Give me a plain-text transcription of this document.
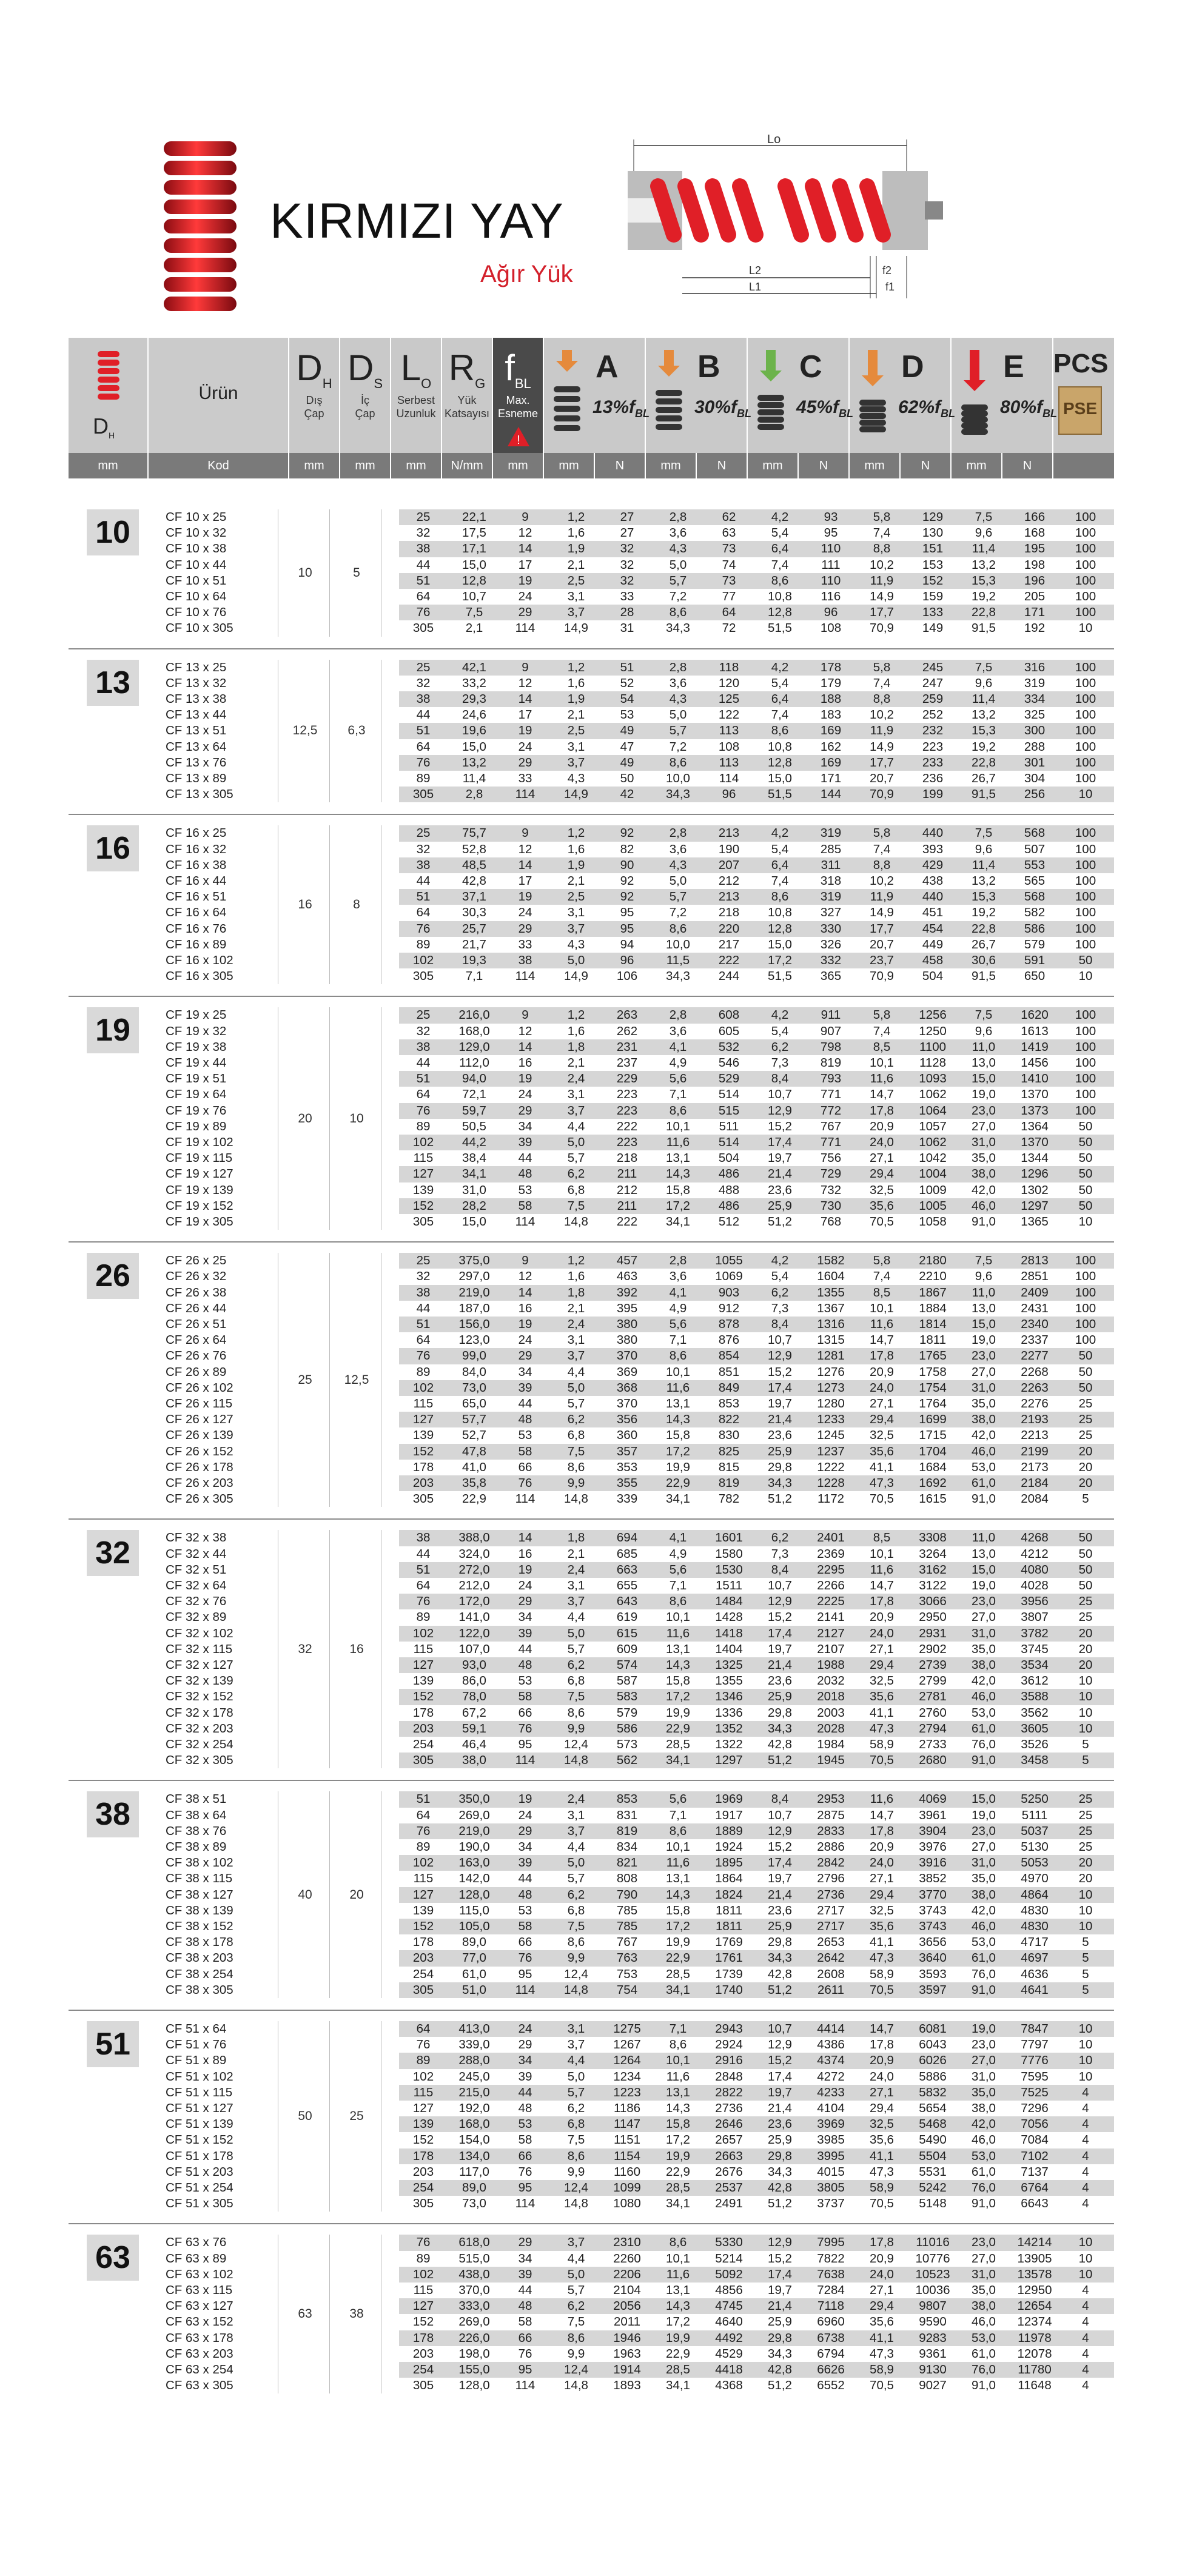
KIRMIZI YAY
Ağır Yük
Lo
L2
L1
f2
f1
$D_H$
Ürün
$D_H$
Dış
Çap
$D_S$
İç
Çap
$L_O$
Serbest
Uzunluk
$R_G$
Yük
Katsayısı
$f_{BL}$
Max.
Esneme
!
A
$13\%f_{BL}$
B
$30\%f_{BL}$
C
$45\%f_{BL}$
D
$62\%f_{BL}$
E
$80\%f_{BL}$
PCS
PSE
mm	Kod	mm	mm	mm	N/mm	mm	mm	N	mm	N	mm	N	mm	N	mm	N
10
10	5
CF 10 x 25	25	22,1	9	1,2	27	2,8	62	4,2	93	5,8	129	7,5	166	100
CF 10 x 32	32	17,5	12	1,6	27	3,6	63	5,4	95	7,4	130	9,6	168	100
CF 10 x 38	38	17,1	14	1,9	32	4,3	73	6,4	110	8,8	151	11,4	195	100
CF 10 x 44	44	15,0	17	2,1	32	5,0	74	7,4	111	10,2	153	13,2	198	100
CF 10 x 51	51	12,8	19	2,5	32	5,7	73	8,6	110	11,9	152	15,3	196	100
CF 10 x 64	64	10,7	24	3,1	33	7,2	77	10,8	116	14,9	159	19,2	205	100
CF 10 x 76	76	7,5	29	3,7	28	8,6	64	12,8	96	17,7	133	22,8	171	100
CF 10 x 305	305	2,1	114	14,9	31	34,3	72	51,5	108	70,9	149	91,5	192	10
13
12,5	6,3
CF 13 x 25	25	42,1	9	1,2	51	2,8	118	4,2	178	5,8	245	7,5	316	100
CF 13 x 32	32	33,2	12	1,6	52	3,6	120	5,4	179	7,4	247	9,6	319	100
CF 13 x 38	38	29,3	14	1,9	54	4,3	125	6,4	188	8,8	259	11,4	334	100
CF 13 x 44	44	24,6	17	2,1	53	5,0	122	7,4	183	10,2	252	13,2	325	100
CF 13 x 51	51	19,6	19	2,5	49	5,7	113	8,6	169	11,9	232	15,3	300	100
CF 13 x 64	64	15,0	24	3,1	47	7,2	108	10,8	162	14,9	223	19,2	288	100
CF 13 x 76	76	13,2	29	3,7	49	8,6	113	12,8	169	17,7	233	22,8	301	100
CF 13 x 89	89	11,4	33	4,3	50	10,0	114	15,0	171	20,7	236	26,7	304	100
CF 13 x 305	305	2,8	114	14,9	42	34,3	96	51,5	144	70,9	199	91,5	256	10
16
16	8
CF 16 x 25	25	75,7	9	1,2	92	2,8	213	4,2	319	5,8	440	7,5	568	100
CF 16 x 32	32	52,8	12	1,6	82	3,6	190	5,4	285	7,4	393	9,6	507	100
CF 16 x 38	38	48,5	14	1,9	90	4,3	207	6,4	311	8,8	429	11,4	553	100
CF 16 x 44	44	42,8	17	2,1	92	5,0	212	7,4	318	10,2	438	13,2	565	100
CF 16 x 51	51	37,1	19	2,5	92	5,7	213	8,6	319	11,9	440	15,3	568	100
CF 16 x 64	64	30,3	24	3,1	95	7,2	218	10,8	327	14,9	451	19,2	582	100
CF 16 x 76	76	25,7	29	3,7	95	8,6	220	12,8	330	17,7	454	22,8	586	100
CF 16 x 89	89	21,7	33	4,3	94	10,0	217	15,0	326	20,7	449	26,7	579	100
CF 16 x 102	102	19,3	38	5,0	96	11,5	222	17,2	332	23,7	458	30,6	591	50
CF 16 x 305	305	7,1	114	14,9	106	34,3	244	51,5	365	70,9	504	91,5	650	10
19
20	10
CF 19 x 25	25	216,0	9	1,2	263	2,8	608	4,2	911	5,8	1256	7,5	1620	100
CF 19 x 32	32	168,0	12	1,6	262	3,6	605	5,4	907	7,4	1250	9,6	1613	100
CF 19 x 38	38	129,0	14	1,8	231	4,1	532	6,2	798	8,5	1100	11,0	1419	100
CF 19 x 44	44	112,0	16	2,1	237	4,9	546	7,3	819	10,1	1128	13,0	1456	100
CF 19 x 51	51	94,0	19	2,4	229	5,6	529	8,4	793	11,6	1093	15,0	1410	100
CF 19 x 64	64	72,1	24	3,1	223	7,1	514	10,7	771	14,7	1062	19,0	1370	100
CF 19 x 76	76	59,7	29	3,7	223	8,6	515	12,9	772	17,8	1064	23,0	1373	100
CF 19 x 89	89	50,5	34	4,4	222	10,1	511	15,2	767	20,9	1057	27,0	1364	50
CF 19 x 102	102	44,2	39	5,0	223	11,6	514	17,4	771	24,0	1062	31,0	1370	50
CF 19 x 115	115	38,4	44	5,7	218	13,1	504	19,7	756	27,1	1042	35,0	1344	50
CF 19 x 127	127	34,1	48	6,2	211	14,3	486	21,4	729	29,4	1004	38,0	1296	50
CF 19 x 139	139	31,0	53	6,8	212	15,8	488	23,6	732	32,5	1009	42,0	1302	50
CF 19 x 152	152	28,2	58	7,5	211	17,2	486	25,9	730	35,6	1005	46,0	1297	50
CF 19 x 305	305	15,0	114	14,8	222	34,1	512	51,2	768	70,5	1058	91,0	1365	10
26
25	12,5
CF 26 x 25	25	375,0	9	1,2	457	2,8	1055	4,2	1582	5,8	2180	7,5	2813	100
CF 26 x 32	32	297,0	12	1,6	463	3,6	1069	5,4	1604	7,4	2210	9,6	2851	100
CF 26 x 38	38	219,0	14	1,8	392	4,1	903	6,2	1355	8,5	1867	11,0	2409	100
CF 26 x 44	44	187,0	16	2,1	395	4,9	912	7,3	1367	10,1	1884	13,0	2431	100
CF 26 x 51	51	156,0	19	2,4	380	5,6	878	8,4	1316	11,6	1814	15,0	2340	100
CF 26 x 64	64	123,0	24	3,1	380	7,1	876	10,7	1315	14,7	1811	19,0	2337	100
CF 26 x 76	76	99,0	29	3,7	370	8,6	854	12,9	1281	17,8	1765	23,0	2277	50
CF 26 x 89	89	84,0	34	4,4	369	10,1	851	15,2	1276	20,9	1758	27,0	2268	50
CF 26 x 102	102	73,0	39	5,0	368	11,6	849	17,4	1273	24,0	1754	31,0	2263	50
CF 26 x 115	115	65,0	44	5,7	370	13,1	853	19,7	1280	27,1	1764	35,0	2276	25
CF 26 x 127	127	57,7	48	6,2	356	14,3	822	21,4	1233	29,4	1699	38,0	2193	25
CF 26 x 139	139	52,7	53	6,8	360	15,8	830	23,6	1245	32,5	1715	42,0	2213	25
CF 26 x 152	152	47,8	58	7,5	357	17,2	825	25,9	1237	35,6	1704	46,0	2199	20
CF 26 x 178	178	41,0	66	8,6	353	19,9	815	29,8	1222	41,1	1684	53,0	2173	20
CF 26 x 203	203	35,8	76	9,9	355	22,9	819	34,3	1228	47,3	1692	61,0	2184	20
CF 26 x 305	305	22,9	114	14,8	339	34,1	782	51,2	1172	70,5	1615	91,0	2084	5
32
32	16
CF 32 x 38	38	388,0	14	1,8	694	4,1	1601	6,2	2401	8,5	3308	11,0	4268	50
CF 32 x 44	44	324,0	16	2,1	685	4,9	1580	7,3	2369	10,1	3264	13,0	4212	50
CF 32 x 51	51	272,0	19	2,4	663	5,6	1530	8,4	2295	11,6	3162	15,0	4080	50
CF 32 x 64	64	212,0	24	3,1	655	7,1	1511	10,7	2266	14,7	3122	19,0	4028	50
CF 32 x 76	76	172,0	29	3,7	643	8,6	1484	12,9	2225	17,8	3066	23,0	3956	25
CF 32 x 89	89	141,0	34	4,4	619	10,1	1428	15,2	2141	20,9	2950	27,0	3807	25
CF 32 x 102	102	122,0	39	5,0	615	11,6	1418	17,4	2127	24,0	2931	31,0	3782	20
CF 32 x 115	115	107,0	44	5,7	609	13,1	1404	19,7	2107	27,1	2902	35,0	3745	20
CF 32 x 127	127	93,0	48	6,2	574	14,3	1325	21,4	1988	29,4	2739	38,0	3534	20
CF 32 x 139	139	86,0	53	6,8	587	15,8	1355	23,6	2032	32,5	2799	42,0	3612	10
CF 32 x 152	152	78,0	58	7,5	583	17,2	1346	25,9	2018	35,6	2781	46,0	3588	10
CF 32 x 178	178	67,2	66	8,6	579	19,9	1336	29,8	2003	41,1	2760	53,0	3562	10
CF 32 x 203	203	59,1	76	9,9	586	22,9	1352	34,3	2028	47,3	2794	61,0	3605	10
CF 32 x 254	254	46,4	95	12,4	573	28,5	1322	42,8	1984	58,9	2733	76,0	3526	5
CF 32 x 305	305	38,0	114	14,8	562	34,1	1297	51,2	1945	70,5	2680	91,0	3458	5
38
40	20
CF 38 x 51	51	350,0	19	2,4	853	5,6	1969	8,4	2953	11,6	4069	15,0	5250	25
CF 38 x 64	64	269,0	24	3,1	831	7,1	1917	10,7	2875	14,7	3961	19,0	5111	25
CF 38 x 76	76	219,0	29	3,7	819	8,6	1889	12,9	2833	17,8	3904	23,0	5037	25
CF 38 x 89	89	190,0	34	4,4	834	10,1	1924	15,2	2886	20,9	3976	27,0	5130	25
CF 38 x 102	102	163,0	39	5,0	821	11,6	1895	17,4	2842	24,0	3916	31,0	5053	20
CF 38 x 115	115	142,0	44	5,7	808	13,1	1864	19,7	2796	27,1	3852	35,0	4970	20
CF 38 x 127	127	128,0	48	6,2	790	14,3	1824	21,4	2736	29,4	3770	38,0	4864	10
CF 38 x 139	139	115,0	53	6,8	785	15,8	1811	23,6	2717	32,5	3743	42,0	4830	10
CF 38 x 152	152	105,0	58	7,5	785	17,2	1811	25,9	2717	35,6	3743	46,0	4830	10
CF 38 x 178	178	89,0	66	8,6	767	19,9	1769	29,8	2653	41,1	3656	53,0	4717	5
CF 38 x 203	203	77,0	76	9,9	763	22,9	1761	34,3	2642	47,3	3640	61,0	4697	5
CF 38 x 254	254	61,0	95	12,4	753	28,5	1739	42,8	2608	58,9	3593	76,0	4636	5
CF 38 x 305	305	51,0	114	14,8	754	34,1	1740	51,2	2611	70,5	3597	91,0	4641	5
51
50	25
CF 51 x 64	64	413,0	24	3,1	1275	7,1	2943	10,7	4414	14,7	6081	19,0	7847	10
CF 51 x 76	76	339,0	29	3,7	1267	8,6	2924	12,9	4386	17,8	6043	23,0	7797	10
CF 51 x 89	89	288,0	34	4,4	1264	10,1	2916	15,2	4374	20,9	6026	27,0	7776	10
CF 51 x 102	102	245,0	39	5,0	1234	11,6	2848	17,4	4272	24,0	5886	31,0	7595	10
CF 51 x 115	115	215,0	44	5,7	1223	13,1	2822	19,7	4233	27,1	5832	35,0	7525	4
CF 51 x 127	127	192,0	48	6,2	1186	14,3	2736	21,4	4104	29,4	5654	38,0	7296	4
CF 51 x 139	139	168,0	53	6,8	1147	15,8	2646	23,6	3969	32,5	5468	42,0	7056	4
CF 51 x 152	152	154,0	58	7,5	1151	17,2	2657	25,9	3985	35,6	5490	46,0	7084	4
CF 51 x 178	178	134,0	66	8,6	1154	19,9	2663	29,8	3995	41,1	5504	53,0	7102	4
CF 51 x 203	203	117,0	76	9,9	1160	22,9	2676	34,3	4015	47,3	5531	61,0	7137	4
CF 51 x 254	254	89,0	95	12,4	1099	28,5	2537	42,8	3805	58,9	5242	76,0	6764	4
CF 51 x 305	305	73,0	114	14,8	1080	34,1	2491	51,2	3737	70,5	5148	91,0	6643	4
63
63	38
CF 63 x 76	76	618,0	29	3,7	2310	8,6	5330	12,9	7995	17,8	11016	23,0	14214	10
CF 63 x 89	89	515,0	34	4,4	2260	10,1	5214	15,2	7822	20,9	10776	27,0	13905	10
CF 63 x 102	102	438,0	39	5,0	2206	11,6	5092	17,4	7638	24,0	10523	31,0	13578	10
CF 63 x 115	115	370,0	44	5,7	2104	13,1	4856	19,7	7284	27,1	10036	35,0	12950	4
CF 63 x 127	127	333,0	48	6,2	2056	14,3	4745	21,4	7118	29,4	9807	38,0	12654	4
CF 63 x 152	152	269,0	58	7,5	2011	17,2	4640	25,9	6960	35,6	9590	46,0	12374	4
CF 63 x 178	178	226,0	66	8,6	1946	19,9	4492	29,8	6738	41,1	9283	53,0	11978	4
CF 63 x 203	203	198,0	76	9,9	1963	22,9	4529	34,3	6794	47,3	9361	61,0	12078	4
CF 63 x 254	254	155,0	95	12,4	1914	28,5	4418	42,8	6626	58,9	9130	76,0	11780	4
CF 63 x 305	305	128,0	114	14,8	1893	34,1	4368	51,2	6552	70,5	9027	91,0	11648	4
